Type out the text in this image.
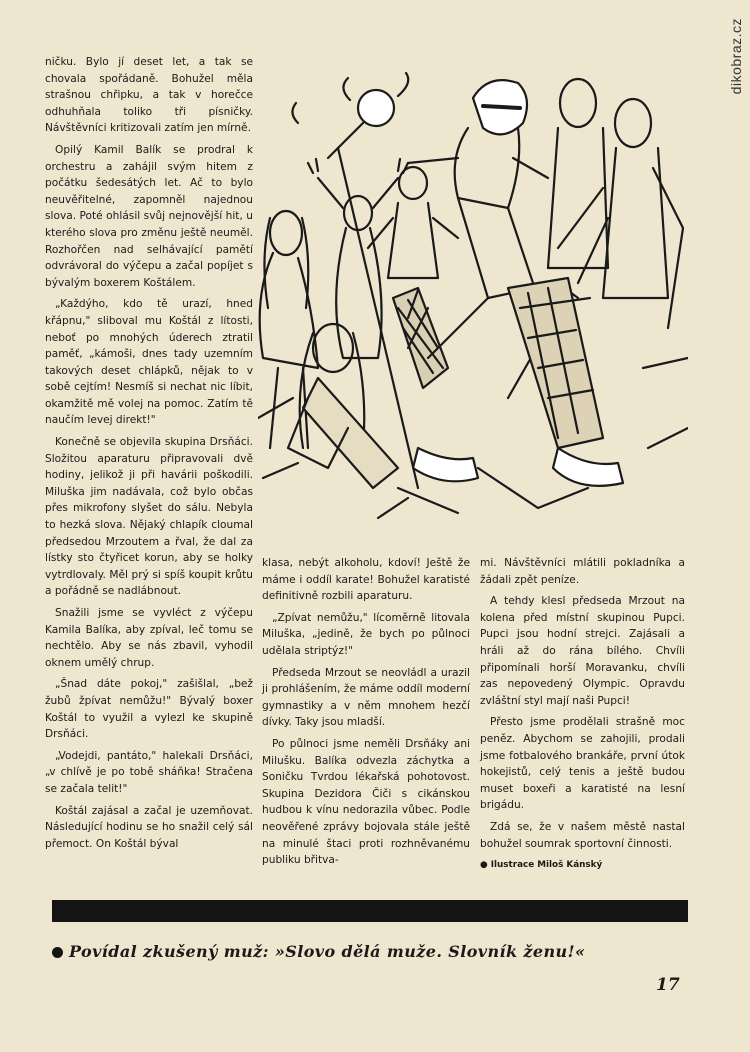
dikobraz.cz

ničku. Bylo jí deset let, a tak se chovala spořádaně. Bohužel měla strašnou chřipku, a tak v horečce odhuhňala toliko tři písničky. Návštěvníci kritizovali zatím jen mírně.

Opilý Kamil Balík se prodral k orchestru a zahájil svým hitem z počátku šedesátých let. Ač to bylo neuvěřitelné, zapomněl najednou slova. Poté ohlásil svůj nejnovější hit, u kterého slova pro změnu ještě neuměl. Rozhořčen nad selhávající pamětí odvrávoral do výčepu a začal popíjet s bývalým boxerem Koštálem.

„Každýho, kdo tě urazí, hned křápnu," sliboval mu Koštál z lítosti, neboť po mnohých úderech ztratil paměť, „kámoši, dnes tady uzemním takových deset chlápků, nějak to v sobě cejtím! Nesmíš si nechat nic líbit, okamžitě mě volej na pomoc. Zatím tě naučím levej direkt!"

Konečně se objevila skupina Drsňáci. Složitou aparaturu připravovali dvě hodiny, jelikož ji při havárii poškodili. Miluška jim nadávala, což bylo občas přes mikrofony slyšet do sálu. Nebyla to hezká slova. Nějaký chlapík cloumal předsedou Mrzoutem a řval, že dal za lístky sto čtyřicet korun, aby se holky vytrdlovaly. Měl prý si spíš koupit krůtu a pořádně se nadlábnout.

Snažili jsme se vyvléct z výčepu Kamila Balíka, aby zpíval, leč tomu se nechtělo. Aby se nás zbavil, vyhodil oknem umělý chrup.

„Šnad dáte pokoj," zašišlal, „bež žubů žpívat nemůžu!" Bývalý boxer Koštál to využil a vylezl ke skupině Drsňáci.

„Vodejdi, pantáto," halekali Drsňáci, „v chlívě je po tobě sháňka! Stračena se začala telit!"

Koštál zajásal a začal je uzemňovat. Následující hodinu se ho snažil celý sál přemoct. On Koštál býval

klasa, nebýt alkoholu, kdoví! Ještě že máme i oddíl karate! Bohužel karatisté definitivně rozbili aparaturu.

„Zpívat nemůžu," lícoměrně litovala Miluška, „jedině, že bych po půlnoci udělala striptýz!"

Předseda Mrzout se neovládl a urazil ji prohlášením, že máme oddíl moderní gymnastiky a v něm mnohem hezčí dívky. Taky jsou mladší.

Po půlnoci jsme neměli Drsňáky ani Milušku. Balíka odvezla záchytka a Soničku Tvrdou lékařská pohotovost. Skupina Dezidora Čiči s cikánskou hudbou k vínu nedorazila vůbec. Podle neověřené zprávy bojovala stále ještě na minulé štaci proti rozhněvanému publiku břitva-

mi. Návštěvníci mlátili pokladníka a žádali zpět peníze.

A tehdy klesl předseda Mrzout na kolena před místní skupinou Pupci. Pupci jsou hodní strejci. Zajásali a hráli až do rána bílého. Chvíli připomínali horší Moravanku, chvíli zas nepovedený Olympic. Opravdu zvláštní styl mají naši Pupci!

Přesto jsme prodělali strašně moc peněz. Abychom se zahojili, prodali jsme fotbalového brankáře, první útok hokejistů, celý tenis a ještě budou muset boxeři a karatisté na lesní brigádu.

Zdá se, že v našem městě nastal bohužel soumrak sportovní činnosti.

● Ilustrace Miloš Kánský

Povídal zkušený muž: »Slovo dělá muže. Slovník ženu!«
17
